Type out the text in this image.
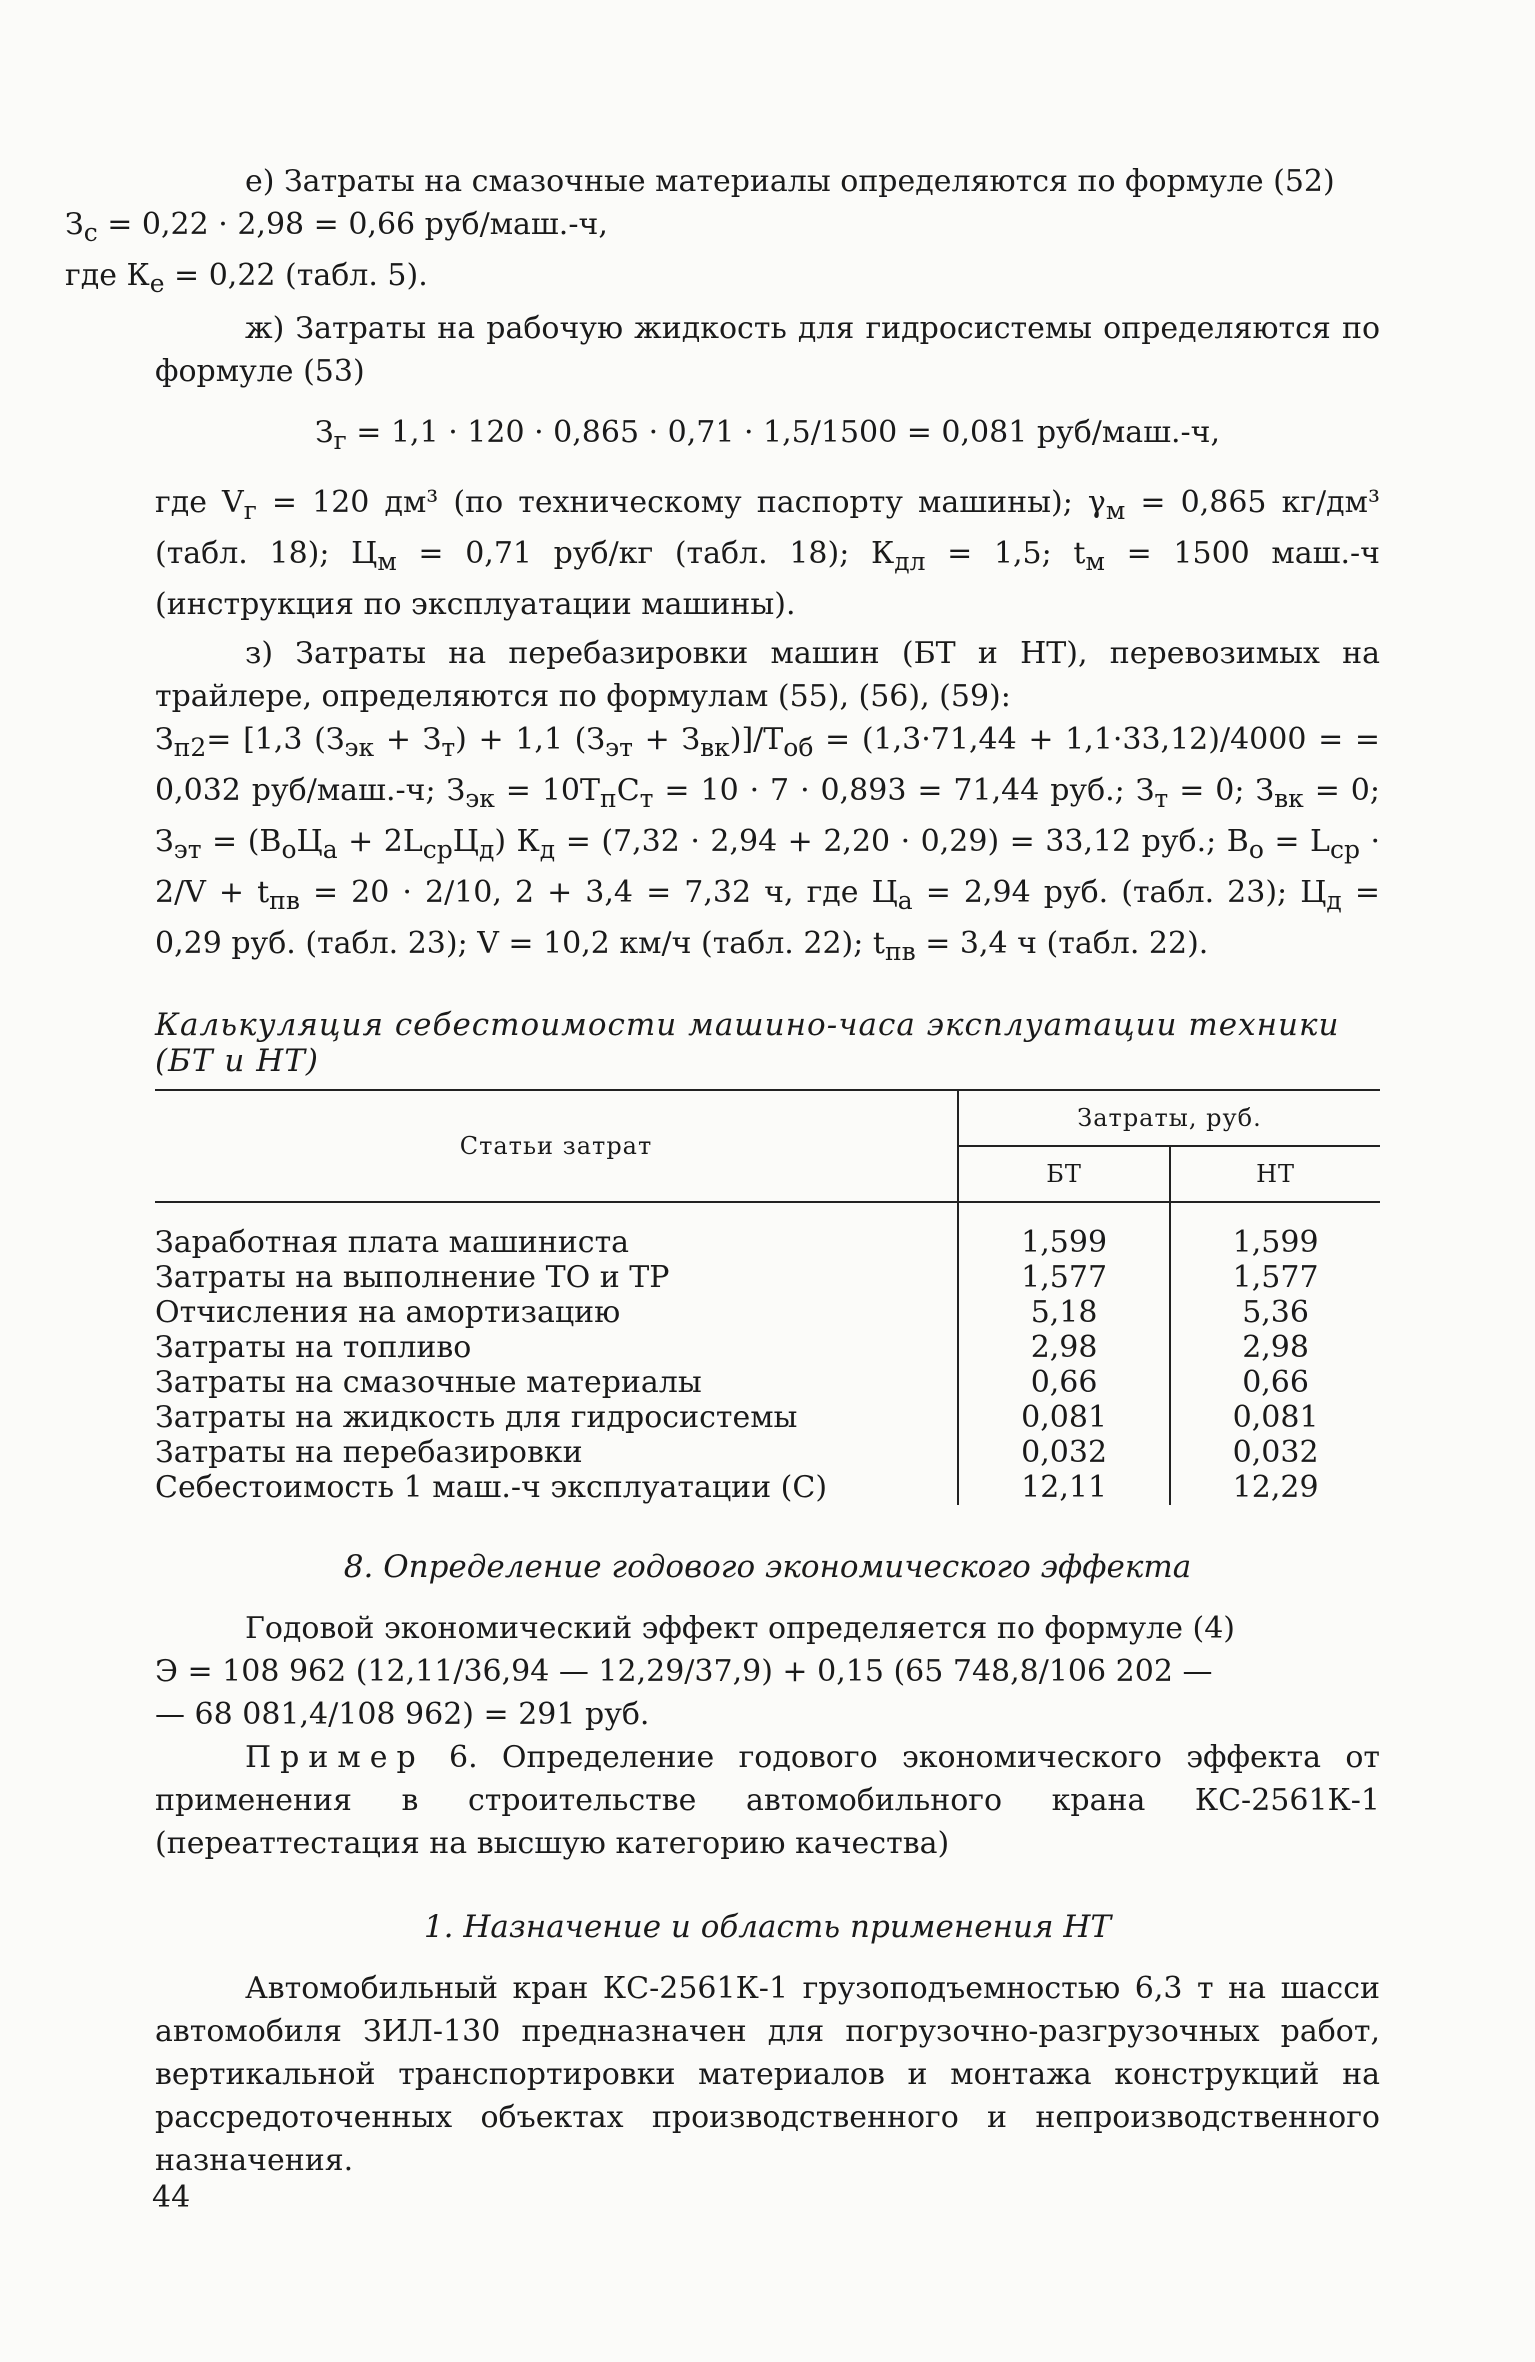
е) Затраты на смазочные материалы определяются по формуле (52)
$З_с = 0,22 \cdot 2,98 = 0,66$ руб/маш.-ч,
где $К_е = 0,22$ (табл. 5).

ж) Затраты на рабочую жидкость для гидросистемы определяются по формуле (53)

$З_г = 1,1 \cdot 120 \cdot 0,865 \cdot 0,71 \cdot 1,5/1500 = 0,081$ руб/маш.-ч,

где $V_г = 120$ дм³ (по техническому паспорту машины); $\gamma_м = 0,865$ кг/дм³ (табл. 18); $Ц_м = 0,71$ руб/кг (табл. 18); $К_{дл} = 1,5$; $t_м = 1500$ маш.-ч (инструкция по эксплуатации машины).

з) Затраты на перебазировки машин (БТ и НТ), перевозимых на трайлере, определяются по формулам (55), (56), (59):

$З_{п2}= [1,3$ $(З_{эк} + З_т) + 1,1$ $(З_{эт} + З_{вк})]/Т_{об} = (1,3\cdot 71,44 + 1,1\cdot 33,12)/4000$ = = 0,032 руб/маш.-ч; $З_{эк} = 10Т_пС_т = 10 \cdot 7 \cdot 0,893 = 71,44$ руб.; $З_т = 0$; $З_{вк} = 0$; $З_{эт} = (В_оЦ_а + 2L_{ср}Ц_д) К_д = (7,32 \cdot 2,94 + 2,20 \cdot 0,29) = 33,12$ руб.; $В_о = L_{ср} \cdot 2/V + t_{пв} = 20 \cdot 2/10$, 2 + 3,4 = 7,32 ч, где $Ц_а = 2,94$ руб. (табл. 23); $Ц_д = 0,29$ руб. (табл. 23); V = 10,2 км/ч (табл. 22); $t_{пв} = 3,4$ ч (табл. 22).

Калькуляция себестоимости машино-часа эксплуатации техники (БТ и НТ)
Статьи затрат	Затраты, руб.	
	БТ	НТ
Заработная плата машиниста	1,599	1,599
Затраты на выполнение ТО и ТР	1,577	1,577
Отчисления на амортизацию	5,18	5,36
Затраты на топливо	2,98	2,98
Затраты на смазочные материалы	0,66	0,66
Затраты на жидкость для гидросистемы	0,081	0,081
Затраты на перебазировки	0,032	0,032
Себестоимость 1 маш.-ч эксплуатации (С)	12,11	12,29
8. Определение годового экономического эффекта

Годовой экономический эффект определяется по формуле (4)

Э = 108 962 (12,11/36,94 — 12,29/37,9) + 0,15 (65 748,8/106 202 —

— 68 081,4/108 962) = 291 руб.

Пример 6. Определение годового экономического эффекта от применения в строительстве автомобильного крана КС-2561К-1 (переаттестация на высшую категорию качества)

1. Назначение и область применения НТ

Автомобильный кран КС-2561К-1 грузоподъемностью 6,3 т на шасси автомобиля ЗИЛ-130 предназначен для погрузочно-разгрузочных работ, вертикальной транспортировки материалов и монтажа конструкций на рассредоточенных объектах производственного и непроизводственного назначения.

44
